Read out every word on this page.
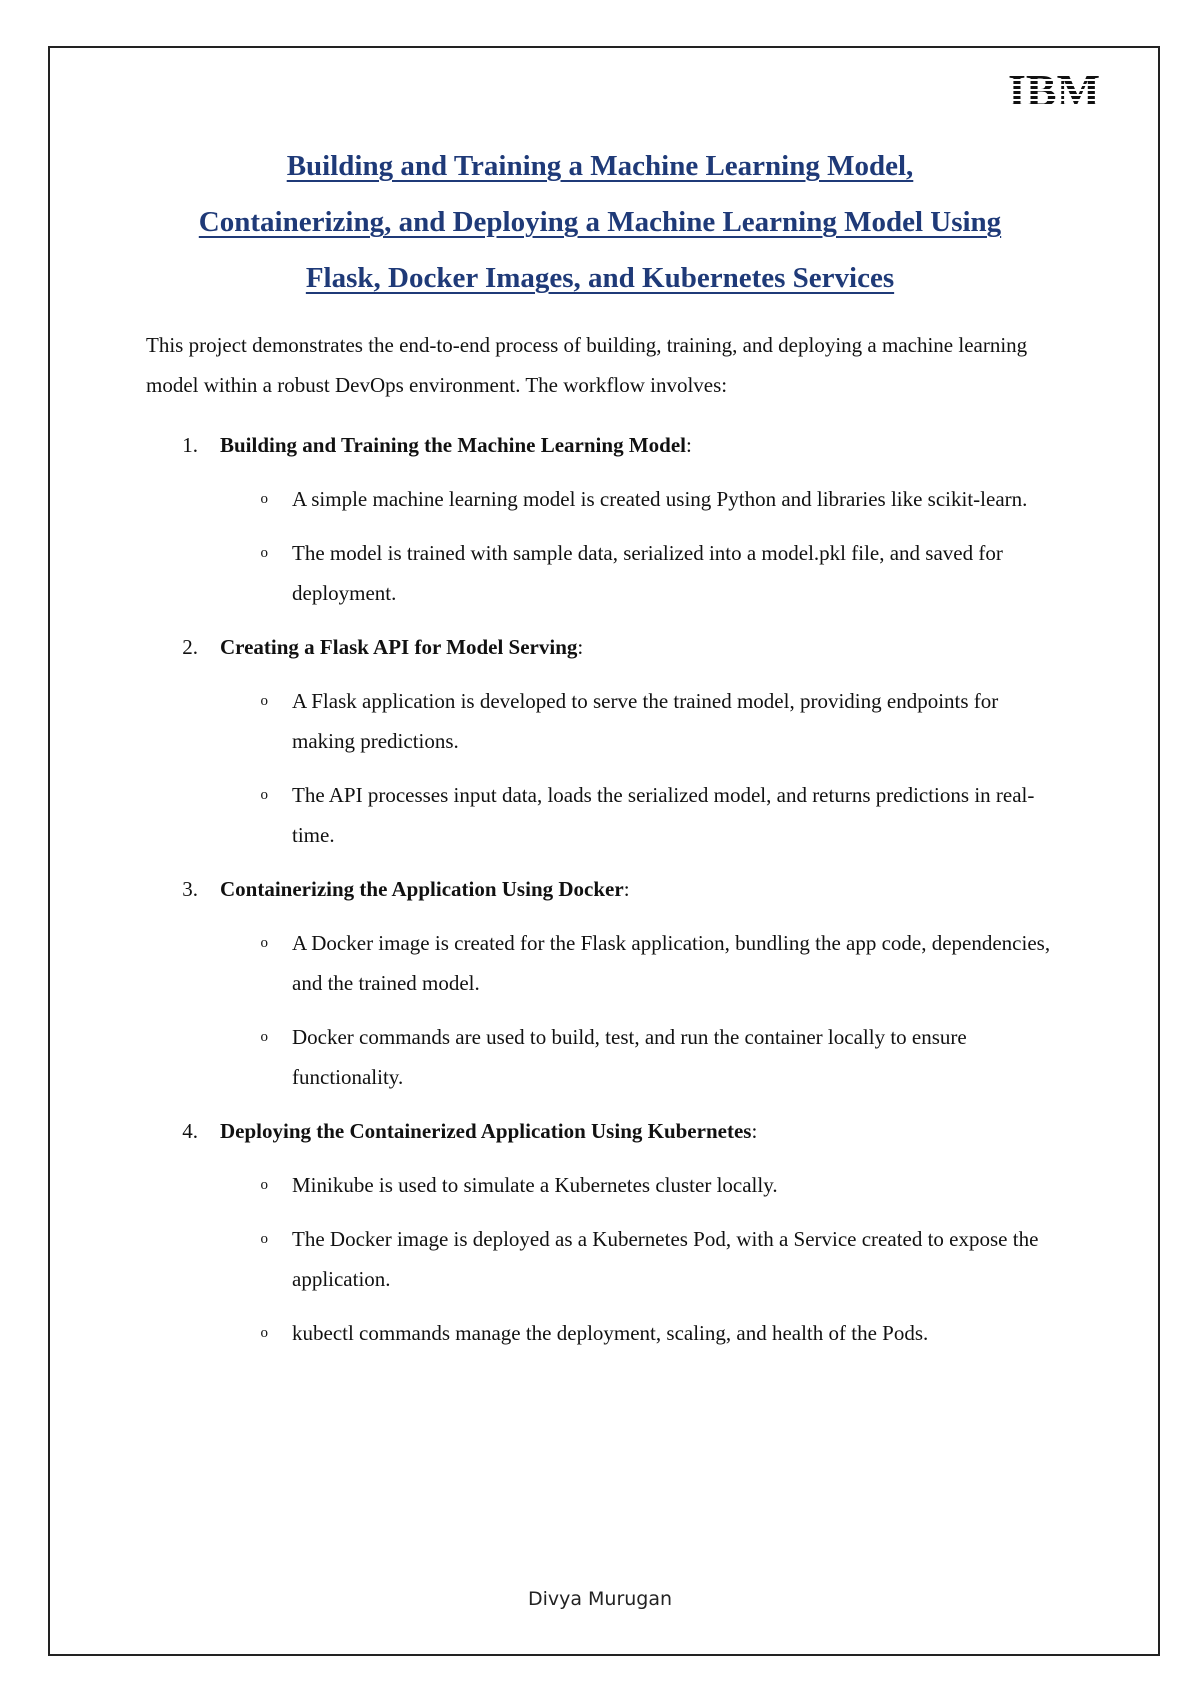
IBM
Building and Training a Machine Learning Model,
Containerizing, and Deploying a Machine Learning Model Using
Flask, Docker Images, and Kubernetes Services
This project demonstrates the end-to-end process of building, training, and deploying a machine learning model within a robust DevOps environment. The workflow involves:
1.	Building and Training the Machine Learning Model:
o	A simple machine learning model is created using Python and libraries like scikit-learn.
o	The model is trained with sample data, serialized into a model.pkl file, and saved for deployment.
2.	Creating a Flask API for Model Serving:
o	A Flask application is developed to serve the trained model, providing endpoints for making predictions.
o	The API processes input data, loads the serialized model, and returns predictions in real-time.
3.	Containerizing the Application Using Docker:
o	A Docker image is created for the Flask application, bundling the app code, dependencies, and the trained model.
o	Docker commands are used to build, test, and run the container locally to ensure functionality.
4.	Deploying the Containerized Application Using Kubernetes:
o	Minikube is used to simulate a Kubernetes cluster locally.
o	The Docker image is deployed as a Kubernetes Pod, with a Service created to expose the application.
o	kubectl commands manage the deployment, scaling, and health of the Pods.
Divya Murugan
